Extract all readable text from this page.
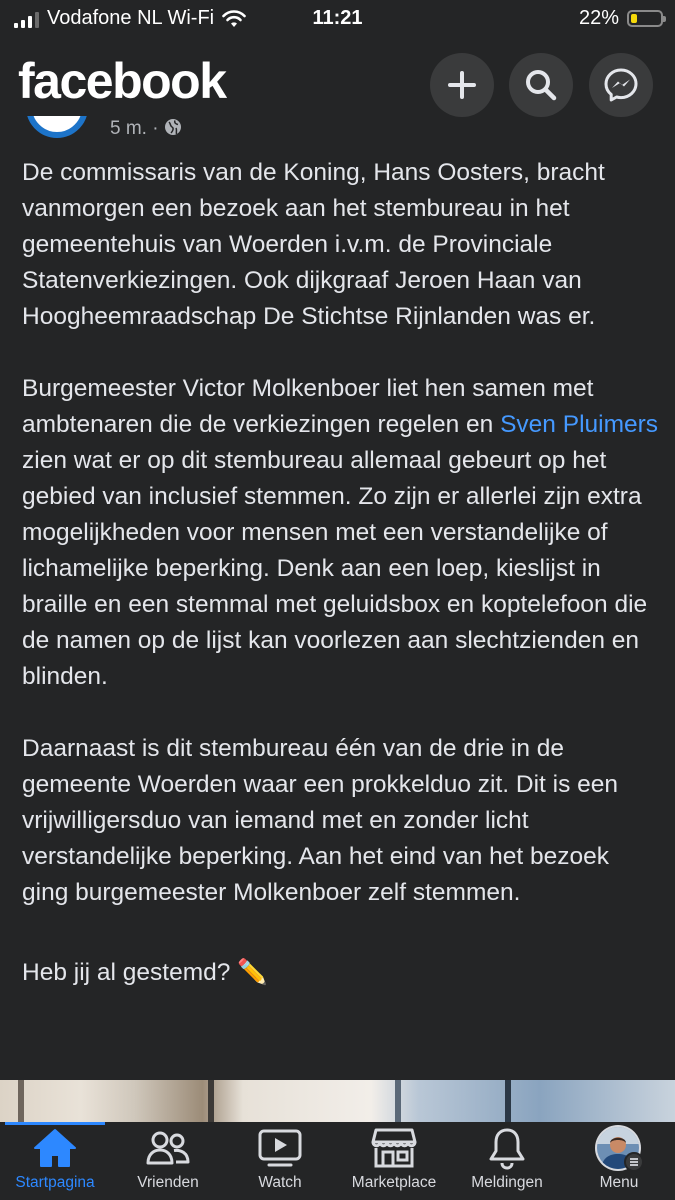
Vodafone NL Wi-Fi	11:21	22%
facebook
5 m. ·

De commissaris van de Koning, Hans Oosters, bracht vanmorgen een bezoek aan het stembureau in het gemeentehuis van Woerden i.v.m. de Provinciale Statenverkiezingen. Ook dijkgraaf Jeroen Haan van Hoogheemraadschap De Stichtse Rijnlanden was er.

Burgemeester Victor Molkenboer liet hen samen met ambtenaren die de verkiezingen regelen en Sven Pluimers zien wat er op dit stembureau allemaal gebeurt op het gebied van inclusief stemmen. Zo zijn er allerlei zijn extra mogelijkheden voor mensen met een verstandelijke of lichamelijke beperking. Denk aan een loep, kieslijst in braille en een stemmal met geluidsbox en koptelefoon die de namen op de lijst kan voorlezen aan slechtzienden en blinden.

Daarnaast is dit stembureau één van de drie in de gemeente Woerden waar een prokkelduo zit. Dit is een vrijwilligersduo van iemand met en zonder licht verstandelijke beperking. Aan het eind van het bezoek ging burgemeester Molkenboer zelf stemmen.

Heb jij al gestemd? ✏️

Startpagina	Vrienden	Watch	Marketplace Meldingen	Menu
